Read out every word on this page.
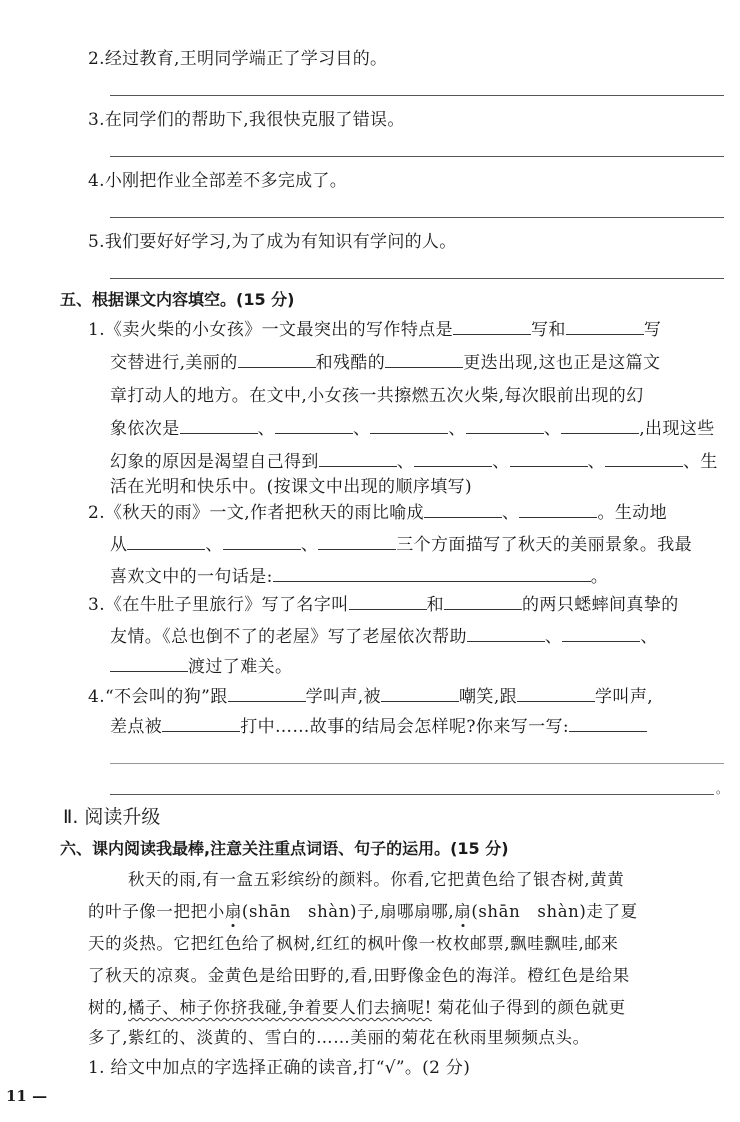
2.经过教育,王明同学端正了学习目的。
3.在同学们的帮助下,我很快克服了错误。
4.小刚把作业全部差不多完成了。
5.我们要好好学习,为了成为有知识有学问的人。
五、根据课文内容填空。(15 分)
1.《卖火柴的小女孩》一文最突出的写作特点是	写和	写
交替进行,美丽的	和残酷的	更迭出现,这也正是这篇文
章打动人的地方。在文中,小女孩一共擦燃五次火柴,每次眼前出现的幻
象依次是	、	、	、	、	,出现这些
幻象的原因是渴望自己得到	、	、	、	、生
活在光明和快乐中。(按课文中出现的顺序填写)
2.《秋天的雨》一文,作者把秋天的雨比喻成	、	。生动地
从	、	、	三个方面描写了秋天的美丽景象。我最
喜欢文中的一句话是:	。
3.《在牛肚子里旅行》写了名字叫	和	的两只蟋蟀间真挚的
友情。《总也倒不了的老屋》写了老屋依次帮助	、	、
渡过了难关。
4.“不会叫的狗”跟	学叫声,被	嘲笑,跟	学叫声,
差点被	打中……故事的结局会怎样呢?你来写一写:
。
Ⅱ. 阅读升级
六、课内阅读我最棒,注意关注重点词语、句子的运用。(15 分)
秋天的雨,有一盒五彩缤纷的颜料。你看,它把黄色给了银杏树,黄黄
的叶子像一把把小扇(shān　shàn)子,扇哪扇哪,扇(shān　shàn)走了夏
天的炎热。它把红色给了枫树,红红的枫叶像一枚枚邮票,飘哇飘哇,邮来
了秋天的凉爽。金黄色是给田野的,看,田野像金色的海洋。橙红色是给果
树的,橘子、柿子你挤我碰,争着要人们去摘呢! 菊花仙子得到的颜色就更
多了,紫红的、淡黄的、雪白的……美丽的菊花在秋雨里频频点头。
1. 给文中加点的字选择正确的读音,打“√”。(2 分)
11 —
